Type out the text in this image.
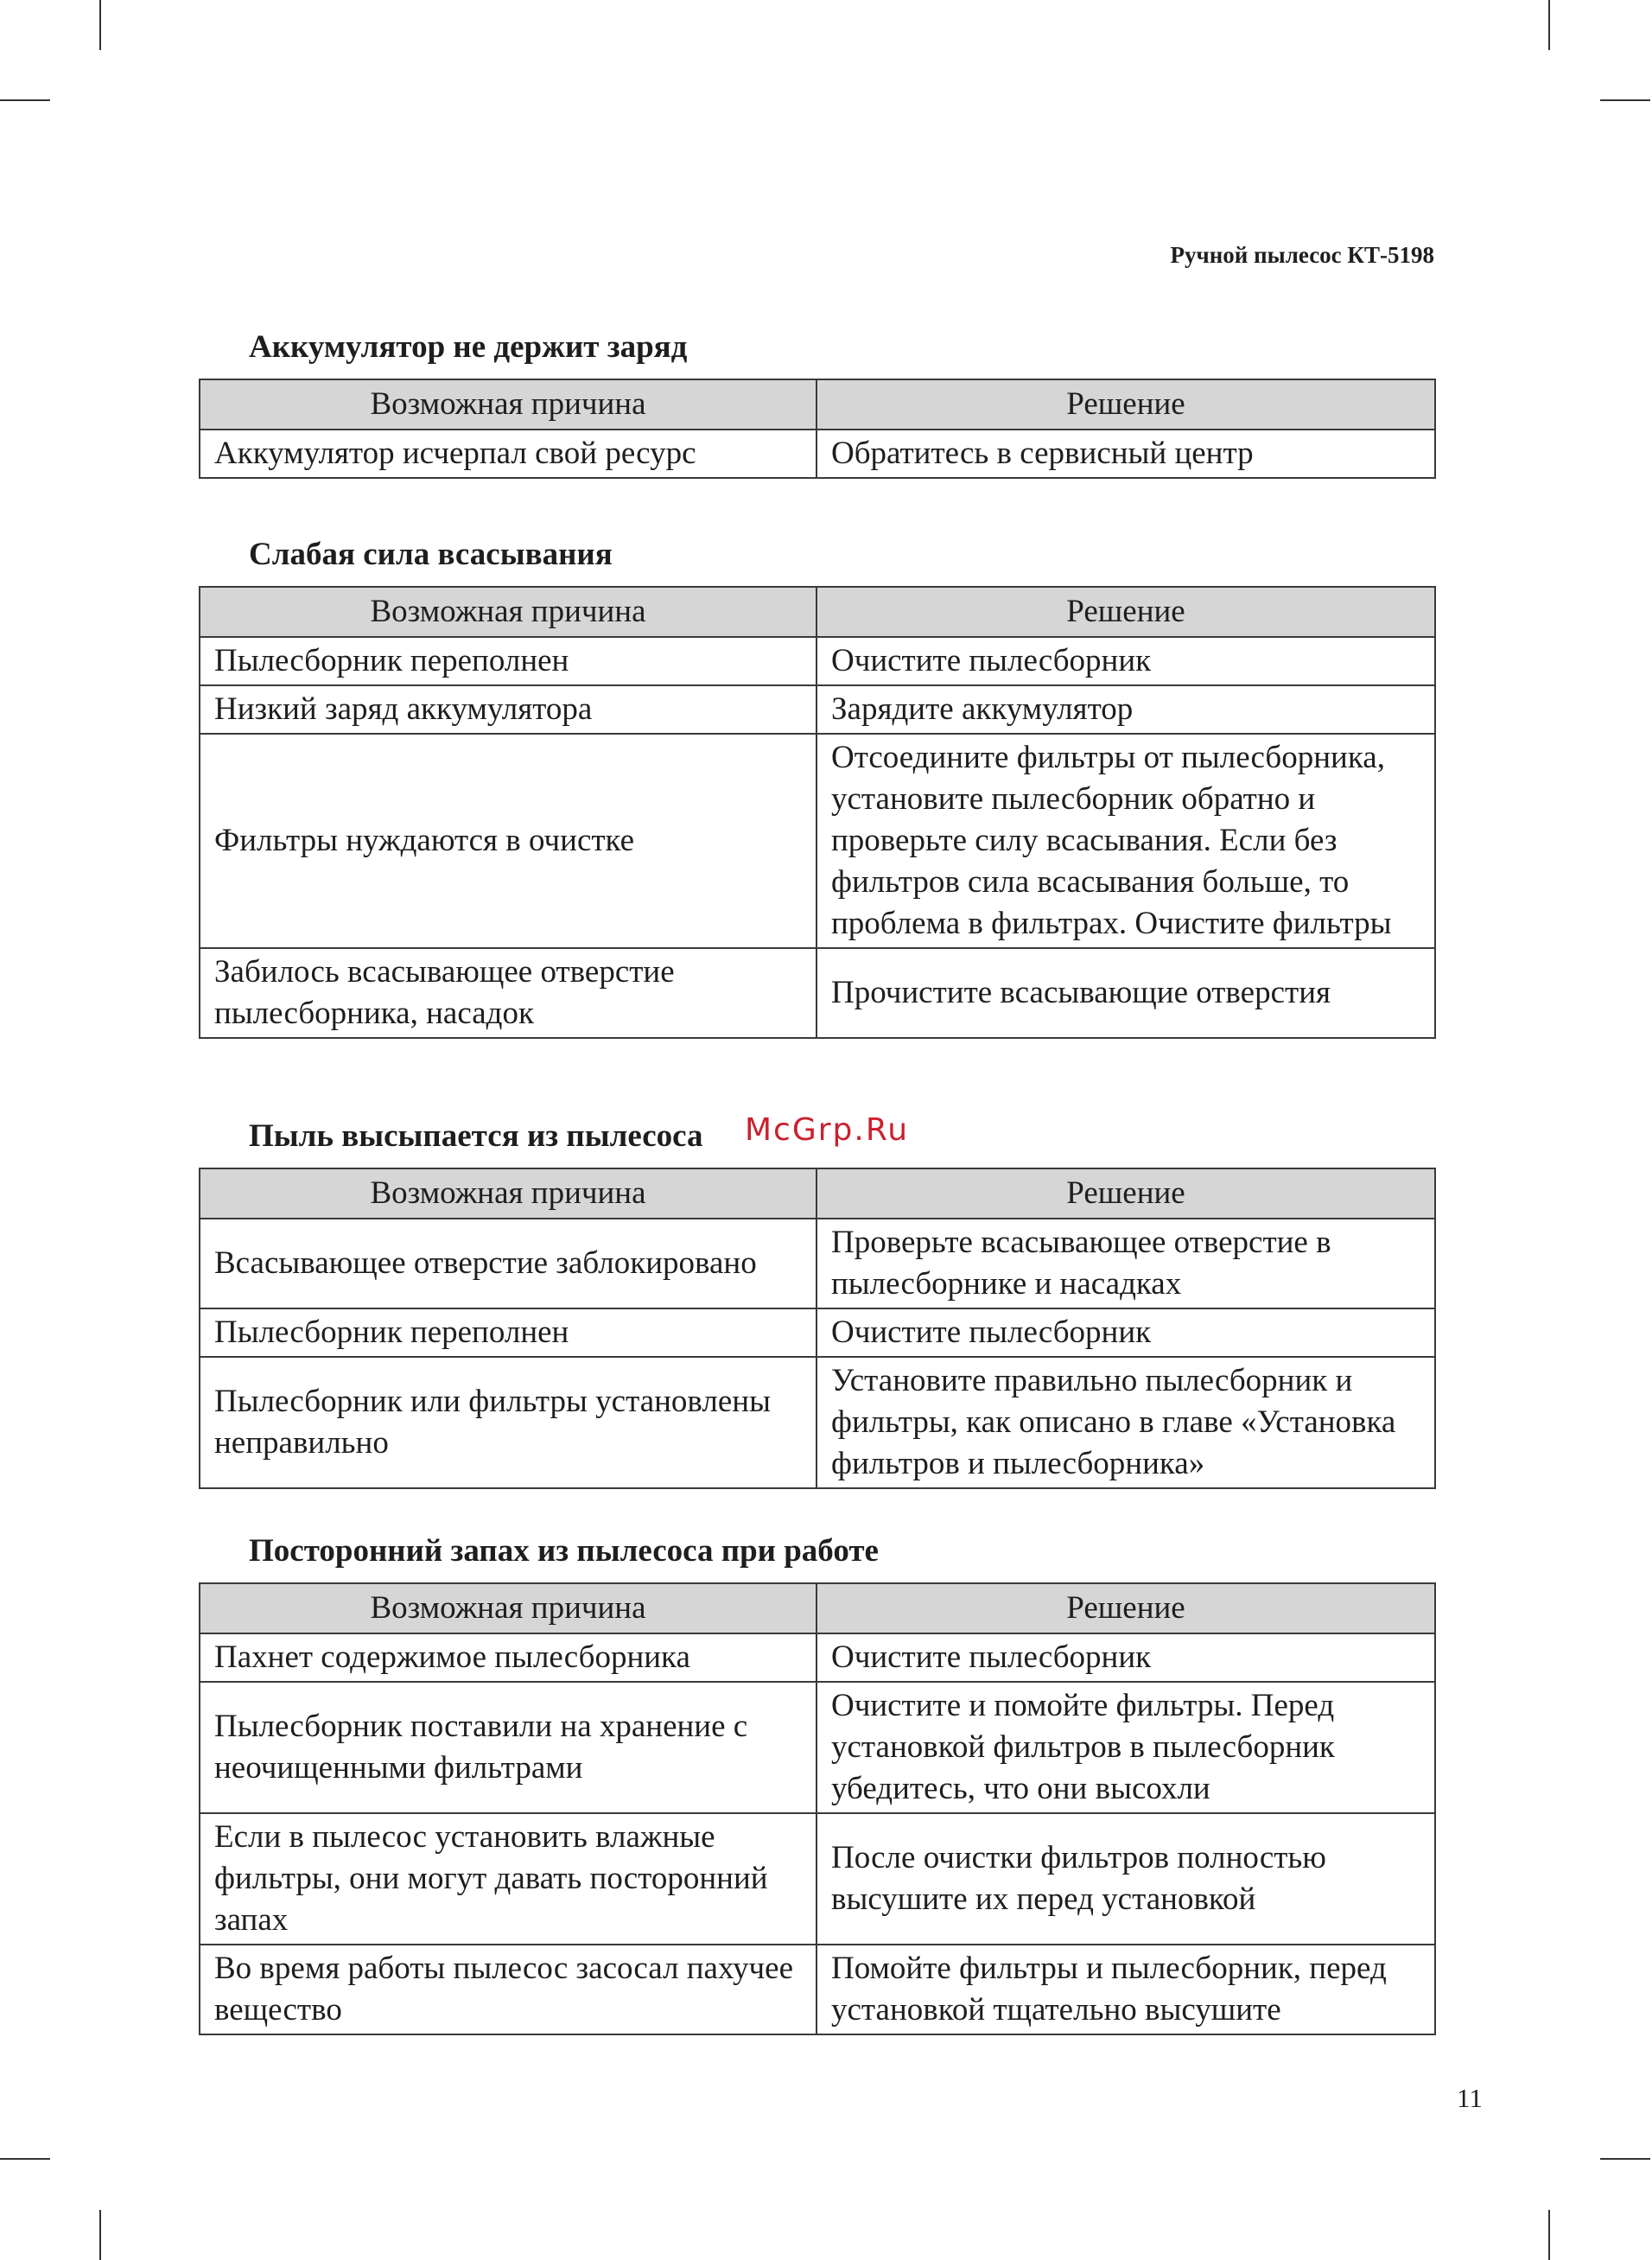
Ручной пылесос КТ-5198
Аккумулятор не держит заряд
Возможная причина	Решение
Аккумулятор исчерпал свой ресурс	Обратитесь в сервисный центр
Слабая сила всасывания
Возможная причина	Решение
Пылесборник переполнен	Очистите пылесборник
Низкий заряд аккумулятора	Зарядите аккумулятор
Фильтры нуждаются в очистке	Отсоедините фильтры от пылесборника, установите пылесборник обратно и проверьте силу всасывания. Если без фильтров сила всасывания больше, то проблема в фильтрах. Очистите фильтры
Забилось всасывающее отверстие пылесборника, насадок	Прочистите всасывающие отверстия
Пыль высыпается из пылесоса
Возможная причина	Решение
Всасывающее отверстие заблокировано	Проверьте всасывающее отверстие в пылесборнике и насадках
Пылесборник переполнен	Очистите пылесборник
Пылесборник или фильтры установлены неправильно	Установите правильно пылесборник и фильтры, как описано в главе «Установка фильтров и пылесборника»
McGrp.Ru
Посторонний запах из пылесоса при работе
Возможная причина	Решение
Пахнет содержимое пылесборника	Очистите пылесборник
Пылесборник поставили на хранение с неочищенными фильтрами	Очистите и помойте фильтры. Перед установкой фильтров в пылесборник убедитесь, что они высохли
Если в пылесос установить влажные фильтры, они могут давать посторонний запах	После очистки фильтров полностью высушите их перед установкой
Во время работы пылесос засосал пахучее вещество	Помойте фильтры и пылесборник, перед установкой тщательно высушите
11
